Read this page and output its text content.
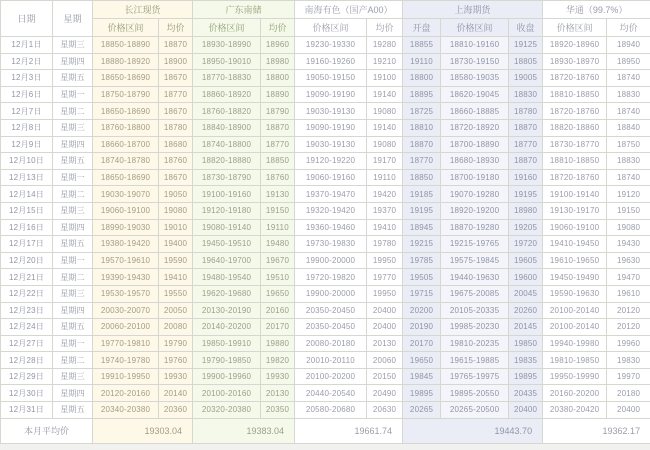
日期	星期	长江现货		广东南储		南海有色（国产A00）		上海期货			华通（99.7%）	
		价格区间	均价	价格区间	均价	价格区间	均价	开盘	价格区间	收盘	价格区间	均价
12月1日	星期三	18850-18890	18870	18930-18990	18960	19230-19330	19280	18855	18810-19160	19125	18920-18960	18940
12月2日	星期四	18880-18920	18900	18950-19010	18980	19160-19260	19210	19110	18730-19150	18805	18930-18970	18950
12月3日	星期五	18650-18690	18670	18770-18830	18800	19050-19150	19100	18800	18580-19035	19005	18720-18760	18740
12月6日	星期一	18750-18790	18770	18860-18920	18890	19090-19190	19140	18895	18620-19045	18830	18810-18850	18830
12月7日	星期二	18650-18690	18670	18760-18820	18790	19030-19130	19080	18725	18660-18885	18780	18720-18760	18740
12月8日	星期三	18760-18800	18780	18840-18900	18870	19090-19190	19140	18810	18720-18920	18870	18820-18860	18840
12月9日	星期四	18660-18700	18680	18740-18800	18770	19030-19130	19080	18870	18700-18890	18770	18730-18770	18750
12月10日	星期五	18740-18780	18760	18820-18880	18850	19120-19220	19170	18770	18680-18930	18870	18810-18850	18830
12月13日	星期一	18650-18690	18670	18730-18790	18760	19060-19160	19110	18850	18700-19180	19160	18720-18760	18740
12月14日	星期二	19030-19070	19050	19100-19160	19130	19370-19470	19420	19185	19070-19280	19195	19100-19140	19120
12月15日	星期三	19060-19100	19080	19120-19180	19150	19320-19420	19370	19195	18920-19200	18980	19130-19170	19150
12月16日	星期四	18990-19030	19010	19080-19140	19110	19360-19460	19410	18945	18870-19280	19205	19060-19100	19080
12月17日	星期五	19380-19420	19400	19450-19510	19480	19730-19830	19780	19215	19215-19765	19720	19410-19450	19430
12月20日	星期一	19570-19610	19590	19640-19700	19670	19900-20000	19950	19785	19575-19845	19605	19610-19650	19630
12月21日	星期二	19390-19430	19410	19480-19540	19510	19720-19820	19770	19505	19440-19630	19600	19450-19490	19470
12月22日	星期三	19530-19570	19550	19620-19680	19650	19900-20000	19950	19715	19675-20085	20045	19590-19630	19610
12月23日	星期四	20030-20070	20050	20130-20190	20160	20350-20450	20400	20200	20105-20335	20260	20100-20140	20120
12月24日	星期五	20060-20100	20080	20140-20200	20170	20350-20450	20400	20190	19985-20230	20145	20100-20140	20120
12月27日	星期一	19770-19810	19790	19850-19910	19880	20080-20180	20130	20170	19810-20235	19850	19940-19980	19960
12月28日	星期二	19740-19780	19760	19790-19850	19820	20010-20110	20060	19650	19615-19885	19835	19810-19850	19830
12月29日	星期三	19910-19950	19930	19900-19960	19930	20100-20200	20150	19845	19765-19975	19895	19950-19990	19970
12月30日	星期四	20120-20160	20140	20100-20160	20130	20440-20540	20490	19895	19895-20550	20435	20160-20200	20180
12月31日	星期五	20340-20380	20360	20320-20380	20350	20580-20680	20630	20265	20265-20500	20400	20380-20420	20400
本月平均价		19303.04		19383.04		19661.74		19443.70			19362.17	
